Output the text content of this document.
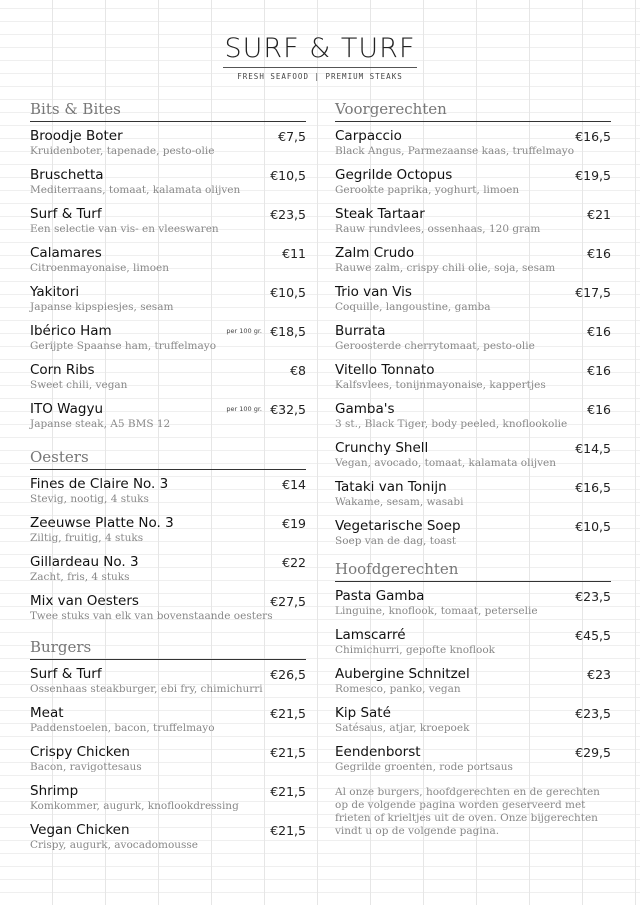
SURF & TURF
FRESH SEAFOOD | PREMIUM STEAKS
Bits & Bites
Broodje Boter	€7,5
Kruidenboter, tapenade, pesto-olie
Bruschetta	€10,5
Mediterraans, tomaat, kalamata olijven
Surf & Turf	€23,5
Een selectie van vis- en vleeswaren
Calamares	€11
Citroenmayonaise, limoen
Yakitori	€10,5
Japanse kipspiesjes, sesam
Ibérico Ham	per 100 gr. €18,5
Gerijpte Spaanse ham, truffelmayo
Corn Ribs	€8
Sweet chili, vegan
ITO Wagyu	per 100 gr. €32,5
Japanse steak, A5 BMS 12
Oesters
Fines de Claire No. 3	€14
Stevig, nootig, 4 stuks
Zeeuwse Platte No. 3	€19
Ziltig, fruitig, 4 stuks
Gillardeau No. 3	€22
Zacht, fris, 4 stuks
Mix van Oesters	€27,5
Twee stuks van elk van bovenstaande oesters
Burgers
Surf & Turf	€26,5
Ossenhaas steakburger, ebi fry, chimichurri
Meat	€21,5
Paddenstoelen, bacon, truffelmayo
Crispy Chicken	€21,5
Bacon, ravigottesaus
Shrimp	€21,5
Komkommer, augurk, knoflookdressing
Vegan Chicken	€21,5
Crispy, augurk, avocadomousse
Voorgerechten
Carpaccio	€16,5
Black Angus, Parmezaanse kaas, truffelmayo
Gegrilde Octopus	€19,5
Gerookte paprika, yoghurt, limoen
Steak Tartaar	€21
Rauw rundvlees, ossenhaas, 120 gram
Zalm Crudo	€16
Rauwe zalm, crispy chili olie, soja, sesam
Trio van Vis	€17,5
Coquille, langoustine, gamba
Burrata	€16
Geroosterde cherrytomaat, pesto-olie
Vitello Tonnato	€16
Kalfsvlees, tonijnmayonaise, kappertjes
Gamba's	€16
3 st., Black Tiger, body peeled, knoflookolie
Crunchy Shell	€14,5
Vegan, avocado, tomaat, kalamata olijven
Tataki van Tonijn	€16,5
Wakame, sesam, wasabi
Vegetarische Soep	€10,5
Soep van de dag, toast
Hoofdgerechten
Pasta Gamba	€23,5
Linguine, knoflook, tomaat, peterselie
Lamscarré	€45,5
Chimichurri, gepofte knoflook
Aubergine Schnitzel	€23
Romesco, panko, vegan
Kip Saté	€23,5
Satésaus, atjar, kroepoek
Eendenborst	€29,5
Gegrilde groenten, rode portsaus
Al onze burgers, hoofdgerechten en de gerechten op de volgende pagina worden geserveerd met frieten of krieltjes uit de oven. Onze bijgerechten vindt u op de volgende pagina.
